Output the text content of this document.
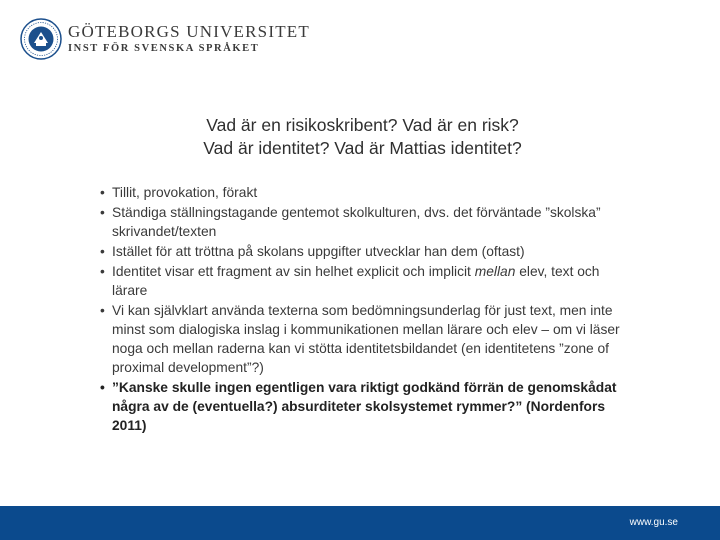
GÖTEBORGS UNIVERSITET
INST FÖR SVENSKA SPRÅKET
Vad är en risikoskribent? Vad är en risk?
Vad är identitet? Vad är Mattias identitet?
• Tillit, provokation, förakt
• Ständiga ställningstagande gentemot skolkulturen, dvs. det förväntade ”skolska” skrivandet/texten
• Istället för att tröttna på skolans uppgifter utvecklar han dem (oftast)
• Identitet visar ett fragment av sin helhet explicit och implicit mellan elev, text och lärare
• Vi kan självklart använda texterna som bedömningsunderlag för just text, men inte minst som dialogiska inslag i kommunikationen mellan lärare och elev – om vi läser noga och mellan raderna kan vi stötta identitetsbildandet (en identitetens ”zone of proximal development”?)
• ”Kanske skulle ingen egentligen vara riktigt godkänd förrän de genomskådat några av de (eventuella?) absurditeter skolsystemet rymmer?” (Nordenfors 2011)
www.gu.se
